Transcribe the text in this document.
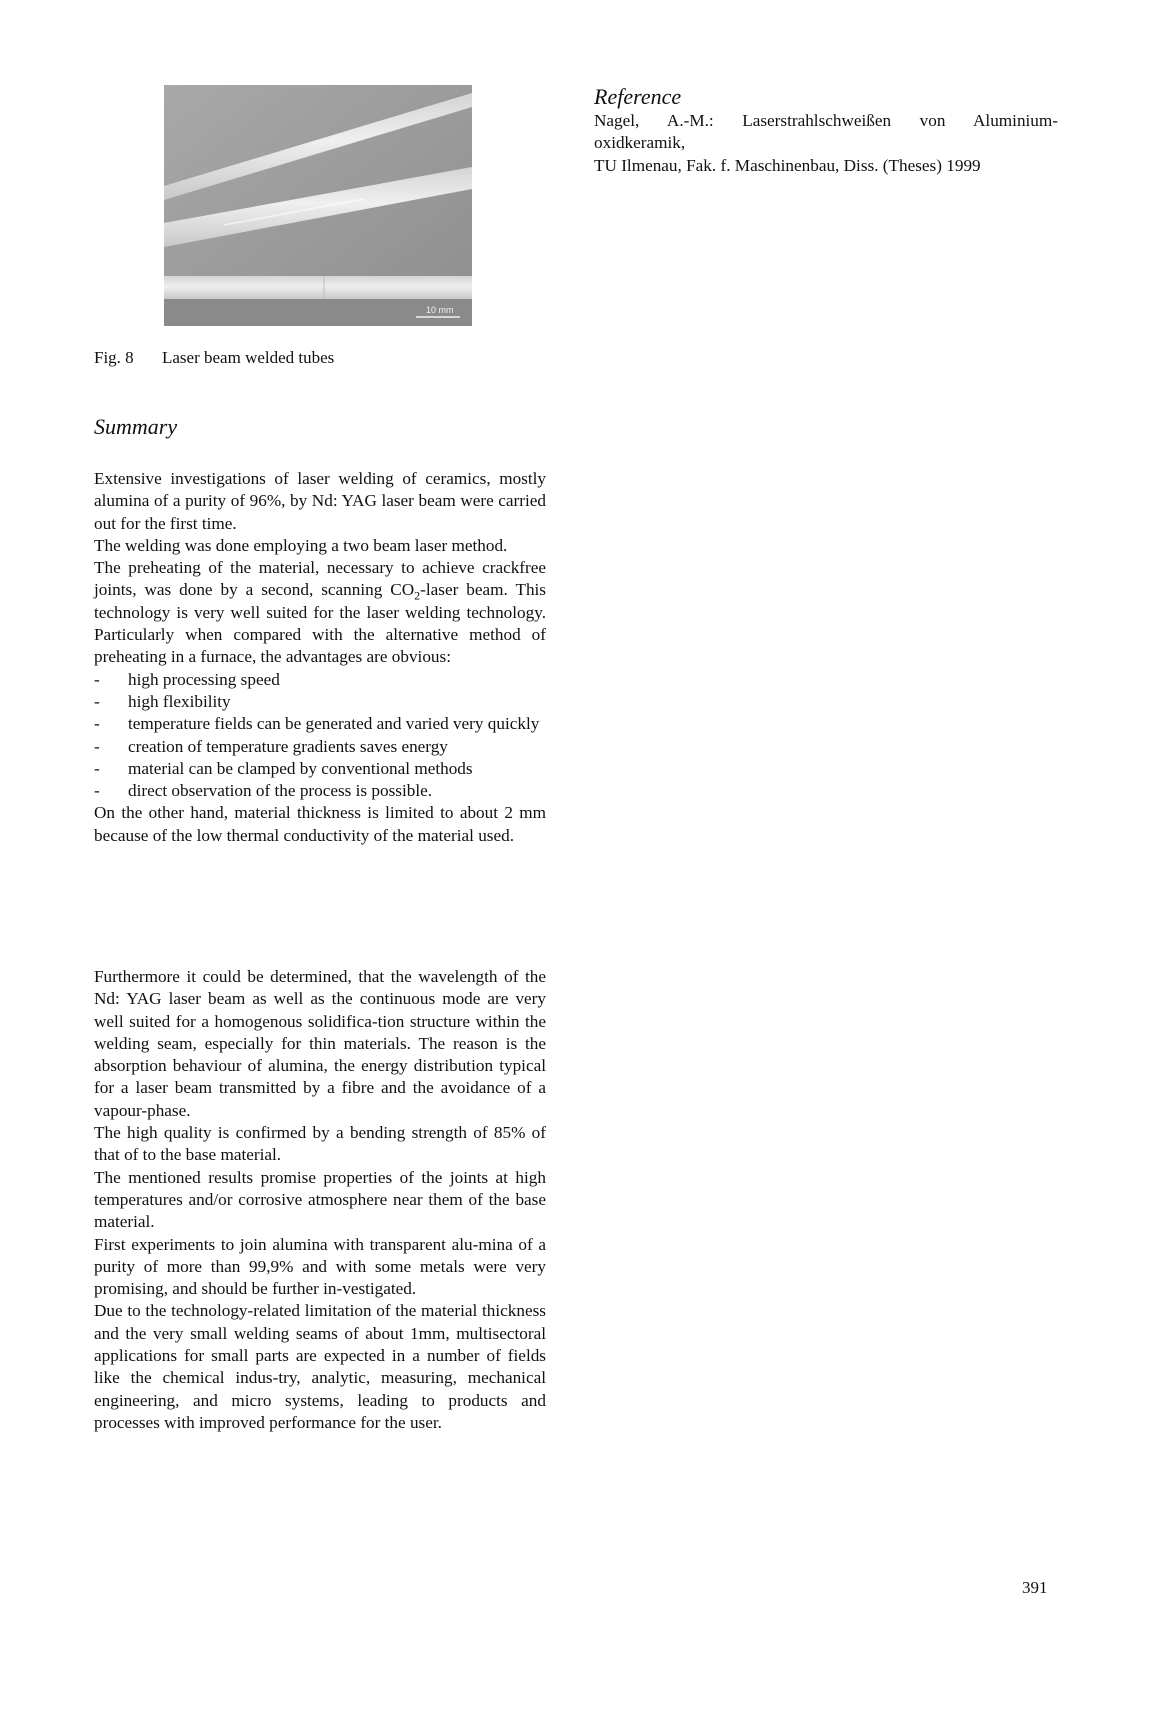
10 mm
Fig. 8 Laser beam welded tubes
Summary

Extensive investigations of laser welding of ceramics, mostly alumina of a purity of 96%, by Nd: YAG laser beam were carried out for the first time.

The welding was done employing a two beam laser method.

The preheating of the material, necessary to achieve crackfree joints, was done by a second, scanning $CO_2$-laser beam. This technology is very well suited for the laser welding technology. Particularly when compared with the alternative method of preheating in a furnace, the advantages are obvious:

- high processing speed
- high flexibility
- temperature fields can be generated and varied very quickly
- creation of temperature gradients saves energy
- material can be clamped by conventional methods
- direct observation of the process is possible.

On the other hand, material thickness is limited to about 2 mm because of the low thermal conductivity of the material used.

Furthermore it could be determined, that the wavelength of the Nd: YAG laser beam as well as the continuous mode are very well suited for a homogenous solidifica-tion structure within the welding seam, especially for thin materials. The reason is the absorption behaviour of alumina, the energy distribution typical for a laser beam transmitted by a fibre and the avoidance of a vapour-phase.

The high quality is confirmed by a bending strength of 85% of that of to the base material.

The mentioned results promise properties of the joints at high temperatures and/or corrosive atmosphere near them of the base material.

First experiments to join alumina with transparent alu-mina of a purity of more than 99,9% and with some metals were very promising, and should be further in-vestigated.

Due to the technology-related limitation of the material thickness and the very small welding seams of about 1mm, multisectoral applications for small parts are expected in a number of fields like the chemical indus-try, analytic, measuring, mechanical engineering, and micro systems, leading to products and processes with improved performance for the user.

Reference

Nagel, A.-M.: Laserstrahlschweißen von Aluminium-

oxidkeramik,

TU Ilmenau, Fak. f. Maschinenbau, Diss. (Theses) 1999

391
